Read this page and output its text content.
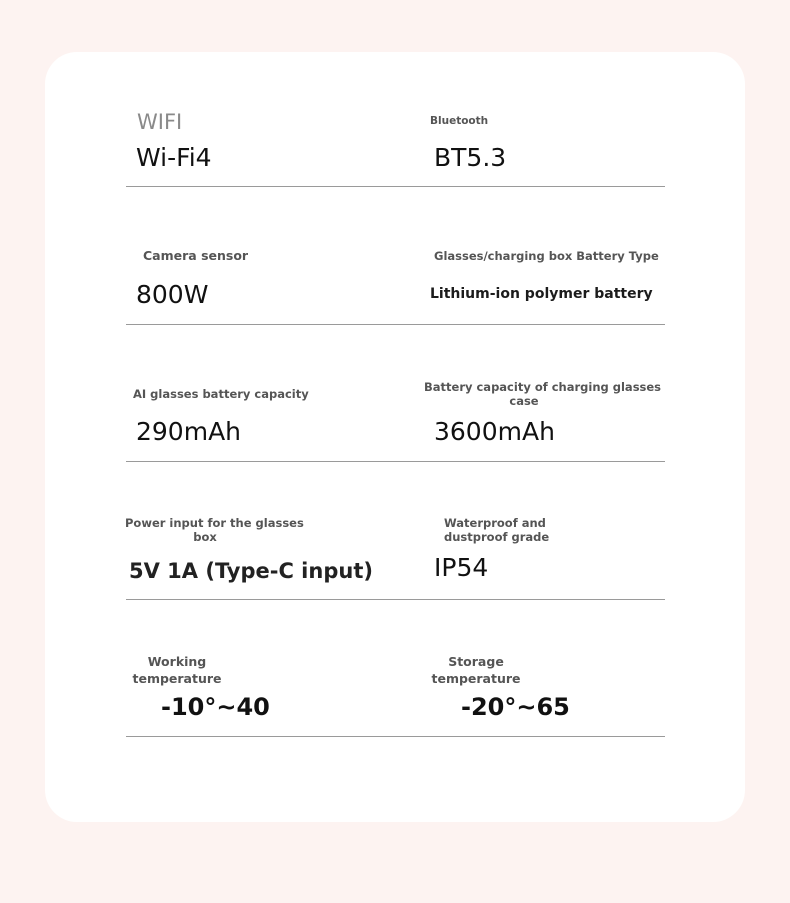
WIFI
Wi-Fi4
Bluetooth
BT5.3
Camera sensor
800W
Glasses/charging box Battery Type
Lithium-ion polymer battery
AI glasses battery capacity
290mAh
Battery capacity of charging glasses
case
3600mAh
Power input for the glasses
box
5V 1A (Type-C input)
Waterproof and
dustproof grade
IP54
Working
temperature
-10°~40
Storage
temperature
-20°~65
